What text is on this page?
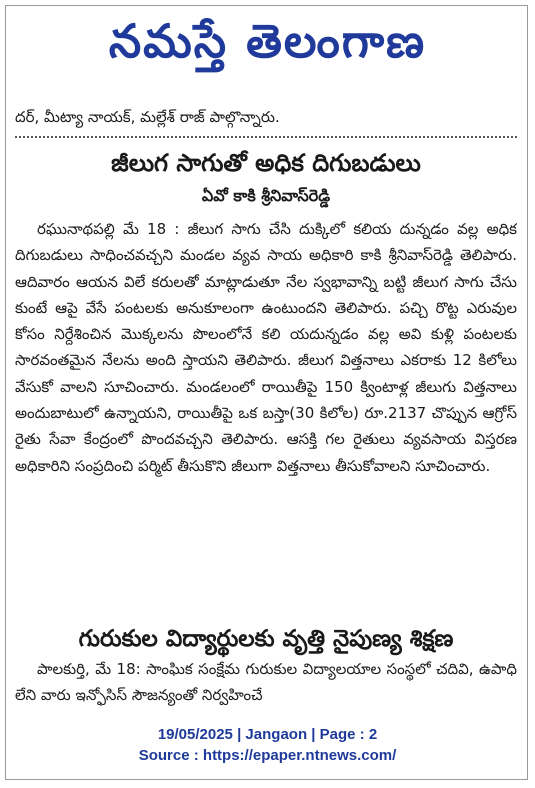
నమస్తే తెలంగాణ

దర్, మీట్యా నాయక్, మల్లేశ్ రాజ్ పాల్గొన్నారు.

జీలుగ సాగుతో అధిక దిగుబడులు
ఏవో కాకి శ్రీనివాస్‌రెడ్డి

రఘునాథపల్లి మే 18 : జీలుగ సాగు చేసి దుక్కిలో కలియ దున్నడం వల్ల అధిక దిగుబడులు సాధించవచ్చని మండల వ్యవ సాయ అధికారి కాకి శ్రీనివాస్‌రెడ్డి తెలిపారు. ఆదివారం ఆయన విలే కరులతో మాట్లాడుతూ నేల స్వభావాన్ని బట్టి జీలుగ సాగు చేసు కుంటే ఆపై వేసే పంటలకు అనుకూలంగా ఉంటుందని తెలిపారు. పచ్చి రొట్ట ఎరువుల కోసం నిర్దేశించిన మొక్కలను పొలంలోనే కలి యదున్నడం వల్ల అవి కుళ్లి పంటలకు సారవంతమైన నేలను అంది స్తాయని తెలిపారు. జీలుగ విత్తనాలు ఎకరాకు 12 కిలోలు వేసుకో వాలని సూచించారు. మండలంలో రాయితీపై 150 క్వింటాళ్ల జీలుగు విత్తనాలు అందుబాటులో ఉన్నాయని, రాయితీపై ఒక బస్తా(30 కిలోల) రూ.2137 చొప్పున ఆగ్రోస్ రైతు సేవా కేంద్రంలో పొందవచ్చని తెలిపారు. ఆసక్తి గల రైతులు వ్యవసాయ విస్తరణ అధికారిని సంప్రదించి పర్మిట్ తీసుకొని జీలుగా విత్తనాలు తీసుకోవాలని సూచించారు.

గురుకుల విద్యార్థులకు వృత్తి నైపుణ్య శిక్షణ

పాలకుర్తి, మే 18: సాంఘిక సంక్షేమ గురుకుల విద్యాలయాల సంస్థలో చదివి, ఉపాధి లేని వారు ఇన్ఫోసిస్ సౌజన్యంతో నిర్వహించే

19/05/2025 | Jangaon | Page : 2
Source : https://epaper.ntnews.com/
